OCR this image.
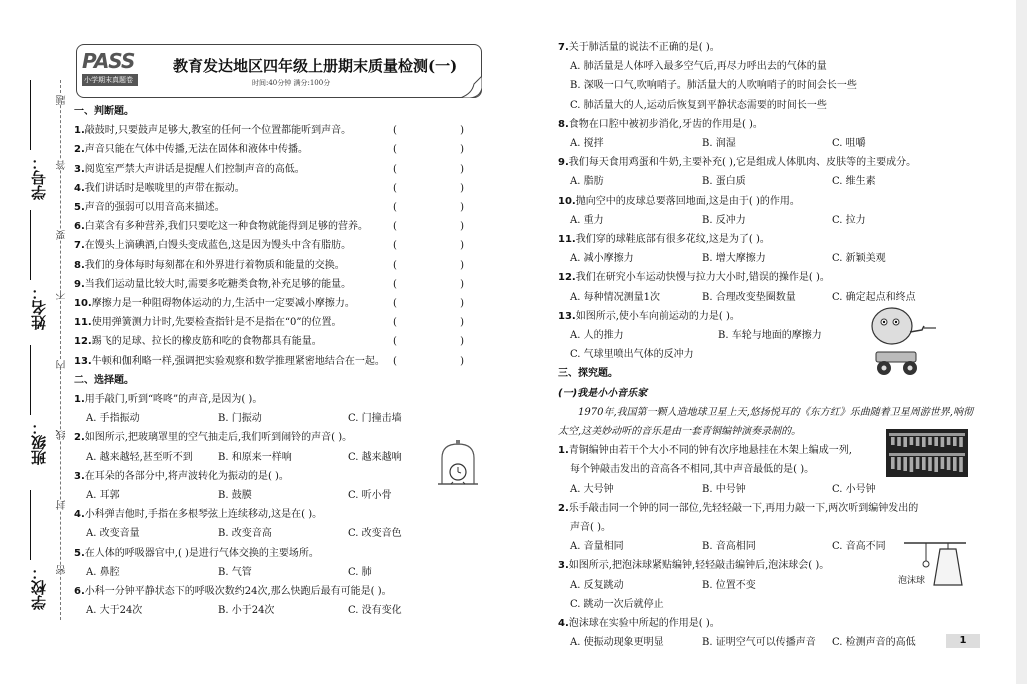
题
答
要
不
内
线
封
密
学号：
姓名：
班级：
学校：
PASS
小学期末真题卷
教育发达地区四年级上册期末质量检测(一)
时间:40分钟 满分:100分
一、判断题。
1.敲鼓时,只要鼓声足够大,教室的任何一个位置都能听到声音。	( )
2.声音只能在气体中传播,无法在固体和液体中传播。	( )
3.阅览室严禁大声讲话是提醒人们控制声音的高低。	( )
4.我们讲话时是喉咙里的声带在振动。	( )
5.声音的强弱可以用音高来描述。	( )
6.白菜含有多种营养,我们只要吃这一种食物就能得到足够的营养。	( )
7.在馒头上滴碘酒,白馒头变成蓝色,这是因为馒头中含有脂肪。	( )
8.我们的身体每时每刻都在和外界进行着物质和能量的交换。	( )
9.当我们运动量比较大时,需要多吃糖类食物,补充足够的能量。	( )
10.摩擦力是一种阻碍物体运动的力,生活中一定要减小摩擦力。	( )
11.使用弹簧测力计时,先要检查指针是不是指在“0”的位置。	( )
12.踢飞的足球、拉长的橡皮筋和吃的食物都具有能量。	( )
13.牛顿和伽利略一样,强调把实验观察和数学推理紧密地结合在一起。 ( )
二、选择题。
1.用手敲门,听到“咚咚”的声音,是因为( )。
A. 手指振动	B. 门振动	C. 门撞击墙
2.如图所示,把玻璃罩里的空气抽走后,我们听到闹铃的声音( )。
A. 越来越轻,甚至听不到	B. 和原来一样响	C. 越来越响
3.在耳朵的各部分中,将声波转化为振动的是( )。
A. 耳郭	B. 鼓膜	C. 听小骨
4.小科弹吉他时,手指在多根琴弦上连续移动,这是在( )。
A. 改变音量	B. 改变音高	C. 改变音色
5.在人体的呼吸器官中,( )是进行气体交换的主要场所。
A. 鼻腔	B. 气管	C. 肺
6.小科一分钟平静状态下的呼吸次数约24次,那么快跑后最有可能是( )。
A. 大于24次	B. 小于24次	C. 没有变化
7.关于肺活量的说法不正确的是( )。
A. 肺活量是人体呼入最多空气后,再尽力呼出去的气体的量
B. 深吸一口气,吹响哨子。肺活量大的人吹响哨子的时间会长一些
C. 肺活量大的人,运动后恢复到平静状态需要的时间长一些
8.食物在口腔中被初步消化,牙齿的作用是( )。
A. 搅拌	B. 润湿	C. 咀嚼
9.我们每天食用鸡蛋和牛奶,主要补充( ),它是组成人体肌肉、皮肤等的主要成分。
A. 脂肪	B. 蛋白质	C. 维生素
10.抛向空中的皮球总要落回地面,这是由于( )的作用。
A. 重力	B. 反冲力	C. 拉力
11.我们穿的球鞋底部有很多花纹,这是为了( )。
A. 减小摩擦力	B. 增大摩擦力	C. 新颖美观
12.我们在研究小车运动快慢与拉力大小时,错误的操作是( )。
A. 每种情况测量1次	B. 合理改变垫圈数量	C. 确定起点和终点
13.如图所示,使小车向前运动的力是( )。
A. 人的推力	B. 车轮与地面的摩擦力
C. 气球里喷出气体的反冲力
三、探究题。
(一)我是小小音乐家
1970年,我国第一颗人造地球卫星上天,悠扬悦耳的《东方红》乐曲随着卫星周游世界,响彻太空,这美妙动听的音乐是由一套青铜编钟演奏录制的。
1.青铜编钟由若干个大小不同的钟有次序地悬挂在木架上编成一列,
每个钟敲击发出的音高各不相同,其中声音最低的是( )。
A. 大号钟	B. 中号钟	C. 小号钟
2.乐手敲击同一个钟的同一部位,先轻轻敲一下,再用力敲一下,两次听到编钟发出的
声音( )。
A. 音量相同	B. 音高相同	C. 音高不同
3.如图所示,把泡沫球紧贴编钟,轻轻敲击编钟后,泡沫球会( )。
A. 反复跳动	B. 位置不变
C. 跳动一次后就停止
4.泡沫球在实验中所起的作用是( )。
A. 使振动现象更明显	B. 证明空气可以传播声音 C. 检测声音的高低
泡沫球
1
